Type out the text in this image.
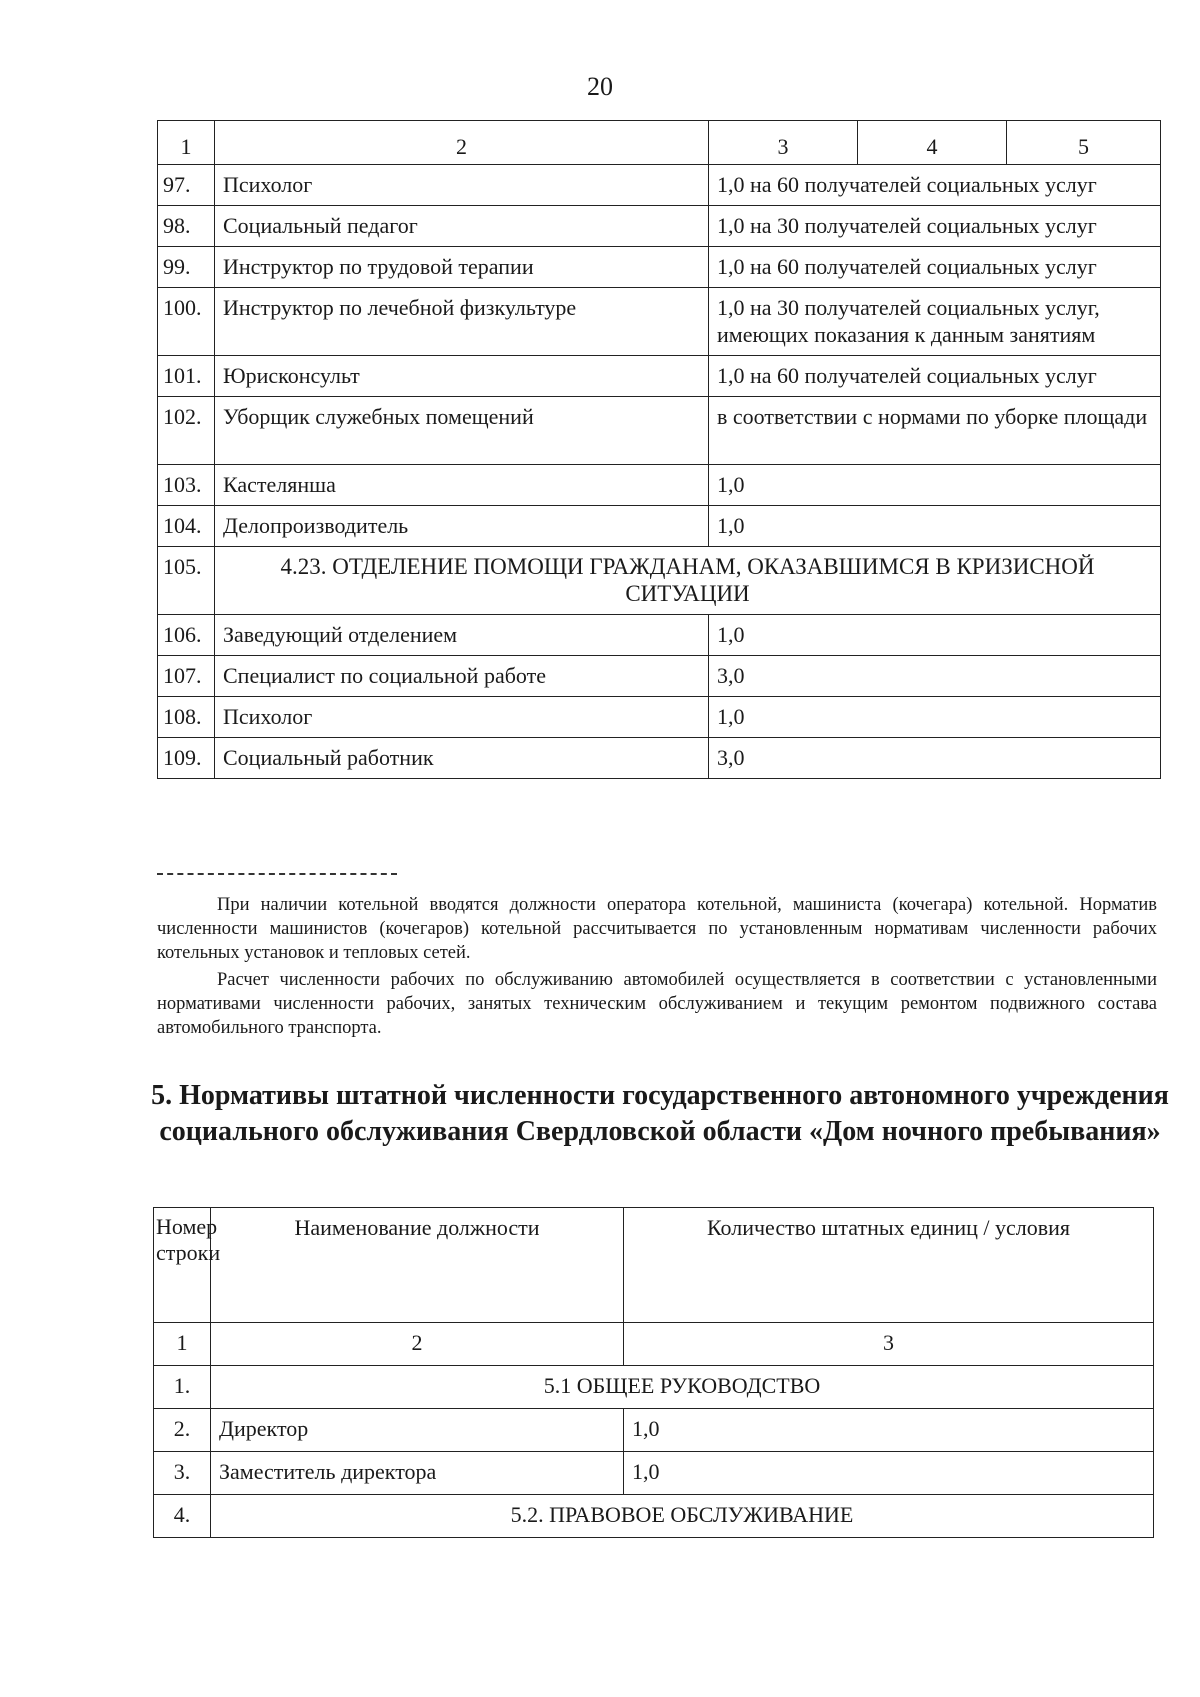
20
1	2	3	4	5
97.	Психолог	1,0 на 60 получателей социальных услуг		
98.	Социальный педагог	1,0 на 30 получателей социальных услуг		
99.	Инструктор по трудовой терапии	1,0 на 60 получателей социальных услуг		
100.	Инструктор по лечебной физкультуре	1,0 на 30 получателей социальных услуг, имеющих показания к данным занятиям		
101.	Юрисконсульт	1,0 на 60 получателей социальных услуг		
102.	Уборщик служебных помещений	в соответствии с нормами по уборке площади		
103.	Кастелянша	1,0		
104.	Делопроизводитель	1,0		
105.	4.23. ОТДЕЛЕНИЕ ПОМОЩИ ГРАЖДАНАМ, ОКАЗАВШИМСЯ В КРИЗИСНОЙ СИТУАЦИИ			
106.	Заведующий отделением	1,0		
107.	Специалист по социальной работе	3,0		
108.	Психолог	1,0		
109.	Социальный работник	3,0		
При наличии котельной вводятся должности оператора котельной, машиниста (кочегара) котельной. Норматив численности машинистов (кочегаров) котельной рассчитывается по установленным нормативам численности рабочих котельных установок и тепловых сетей.
Расчет численности рабочих по обслуживанию автомобилей осуществляется в соответствии с установленными нормативами численности рабочих, занятых техническим обслуживанием и текущим ремонтом подвижного состава автомобильного транспорта.
5. Нормативы штатной численности государственного автономного учреждения социального обслуживания Свердловской области «Дом ночного пребывания»
Номер строки	Наименование должности	Количество штатных единиц / условия
1	2	3
1.	5.1 ОБЩЕЕ РУКОВОДСТВО	
2.	Директор	1,0
3.	Заместитель директора	1,0
4.	5.2. ПРАВОВОЕ ОБСЛУЖИВАНИЕ	
